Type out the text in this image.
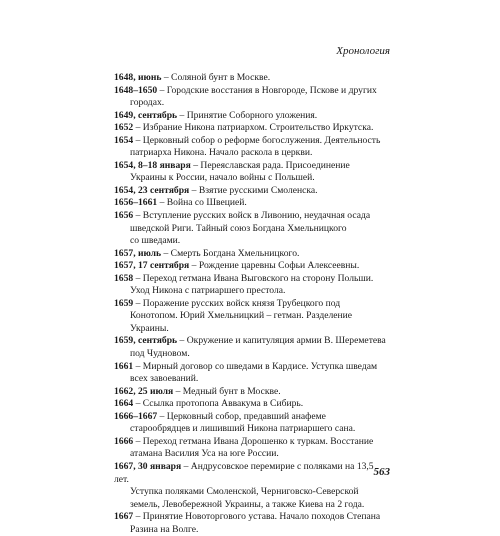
Хронология

1648, июнь – Соляной бунт в Москве.

1648–1650 – Городские восстания в Новгороде, Пскове и других
городах.

1649, сентябрь – Принятие Соборного уложения.

1652 – Избрание Никона патриархом. Строительство Иркутска.

1654 – Церковный собор о реформе богослужения. Деятельность
патриарха Никона. Начало раскола в церкви.

1654, 8–18 января – Переяславская рада. Присоединение
Украины к России, начало войны с Польшей.

1654, 23 сентября – Взятие русскими Смоленска.

1656–1661 – Война со Швецией.

1656 – Вступление русских войск в Ливонию, неудачная осада
шведской Риги. Тайный союз Богдана Хмельницкого
со шведами.

1657, июль – Смерть Богдана Хмельницкого.

1657, 17 сентября – Рождение царевны Софьи Алексеевны.

1658 – Переход гетмана Ивана Выговского на сторону Польши.
Уход Никона с патриаршего престола.

1659 – Поражение русских войск князя Трубецкого под
Конотопом. Юрий Хмельницкий – гетман. Разделение
Украины.

1659, сентябрь – Окружение и капитуляция армии В. Шереметева
под Чудновом.

1661 – Мирный договор со шведами в Кардисе. Уступка шведам
всех завоеваний.

1662, 25 июля – Медный бунт в Москве.

1664 – Ссылка протопопа Аввакума в Сибирь.

1666–1667 – Церковный собор, предавший анафеме
старообрядцев и лишивший Никона патриаршего сана.

1666 – Переход гетмана Ивана Дорошенко к туркам. Восстание
атамана Василия Уса на юге России.

1667, 30 января – Андрусовское перемирие с поляками на 13,5 лет.
Уступка поляками Смоленской, Черниговско-Северской
земель, Левобережной Украины, а также Киева на 2 года.

1667 – Принятие Новоторгового устава. Начало походов Степана
Разина на Волге.

563
